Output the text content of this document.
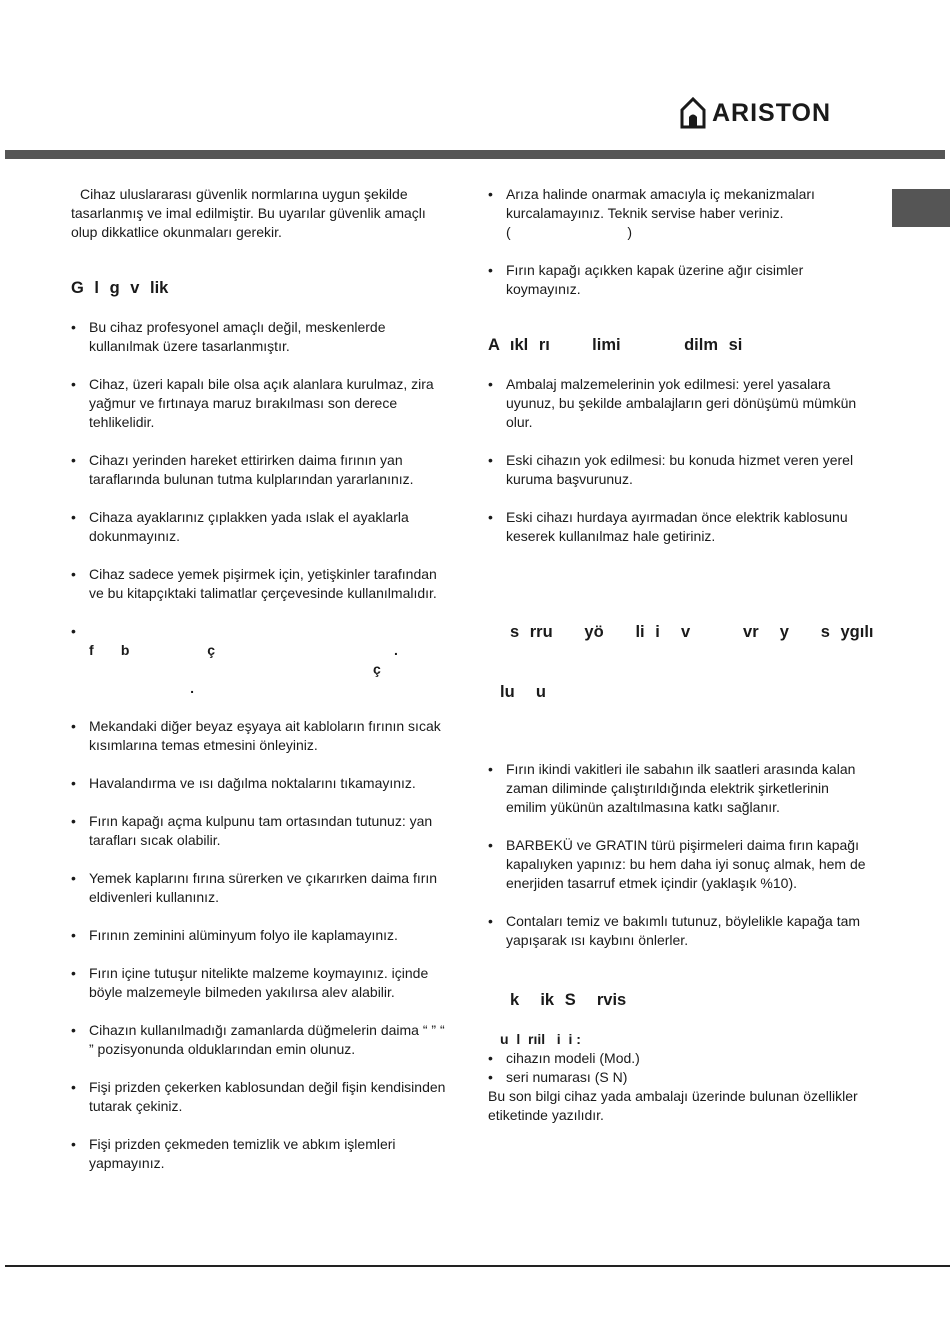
ARISTON

Cihaz uluslararası güvenlik normlarına uygun şekilde tasarlanmış ve imal edilmiştir. Bu uyarılar güvenlik amaçlı olup dikkatlice okunmaları gerekir.

G l g v lik
• Bu cihaz profesyonel amaçlı değil, meskenlerde kullanılmak üzere tasarlanmıştır.
• Cihaz, üzeri kapalı bile olsa açık alanlara kurulmaz, zira yağmur ve fırtınaya maruz bırakılması son derece tehlikelidir.
• Cihazı yerinden hareket ettirirken daima fırının yan taraflarında bulunan tutma kulplarından yararlanınız.
• Cihaza ayaklarınız çıplakken yada ıslak el ayaklarla dokunmayınız.
• Cihaz sadece yemek pişirmek için, yetişkinler tarafından ve bu kitapçıktaki talimatlar çerçevesinde kullanılmalıdır.
• f       b                    ç                                              .
ç
.
• Mekandaki diğer beyaz eşyaya ait kabloların fırının sıcak kısımlarına temas etmesini önleyiniz.
• Havalandırma ve ısı dağılma noktalarını tıkamayınız.
• Fırın kapağı açma kulpunu tam ortasından tutunuz: yan tarafları sıcak olabilir.
• Yemek kaplarını fırına sürerken ve çıkarırken daima fırın eldivenleri kullanınız.
• Fırının zeminini alüminyum folyo ile kaplamayınız.
• Fırın içine tutuşur nitelikte malzeme koymayınız. içinde böyle malzemeyle bilmeden yakılırsa alev alabilir.
• Cihazın kullanılmadığı zamanlarda düğmelerin daima “ ” “ ” pozisyonunda olduklarından emin olunuz.
• Fişi prizden çekerken kablosundan değil fişin kendisinden tutarak çekiniz.
• Fişi prizden çekmeden temizlik ve abkım işlemleri yapmayınız.
• Arıza halinde onarmak amacıyla iç mekanizmaları kurcalamayınız. Teknik servise haber veriniz.(                              )
• Fırın kapağı açıkken kapak üzerine ağır cisimler koymayınız.
A ıkl rı    limi      dilm si
• Ambalaj malzemelerinin yok edilmesi: yerel yasalara uyunuz, bu şekilde ambalajların geri dönüşümü mümkün olur.
• Eski cihazın yok edilmesi: bu konuda hizmet veren yerel kuruma başvurunuz.
• Eski cihazı hurdaya ayırmadan önce elektrik kablosunu keserek kullanılmaz hale getiriniz.

s rru   yö   li i  v     vr  y   s ygılı

lu  u

• Fırın ikindi vakitleri ile sabahın ilk saatleri arasında kalan zaman diliminde çalıştırıldığında elektrik şirketlerinin emilim yükünün azaltılmasına katkı sağlanır.
• BARBEKÜ ve GRATIN türü pişirmeleri daima fırın kapağı kapalıyken yapınız: bu hem daha iyi sonuç almak, hem de enerjiden tasarruf etmek içindir (yaklaşık %10).
• Contaları temiz ve bakımlı tutunuz, böylelikle kapağa tam yapışarak ısı kaybını önlerler.
k  ik S  rvis

u  l  rıil   i  i :

• cihazın modeli (Mod.)
• seri numarası (S N)

Bu son bilgi cihaz yada ambalajı üzerinde bulunan özellikler etiketinde yazılıdır.
